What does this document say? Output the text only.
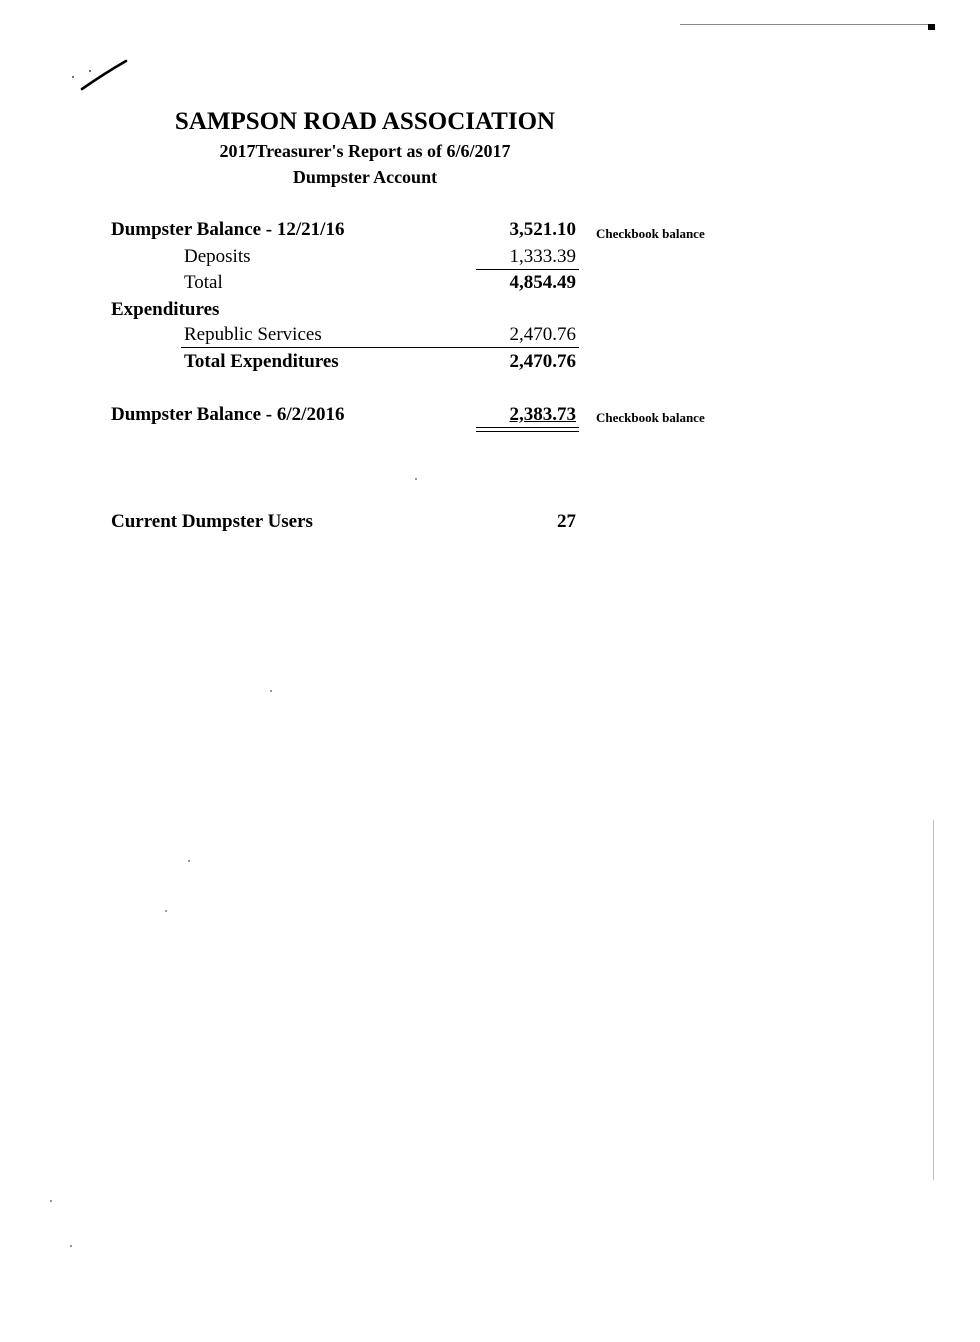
SAMPSON ROAD ASSOCIATION
2017Treasurer's Report as of 6/6/2017
Dumpster Account
Dumpster Balance - 12/21/16	3,521.10 Checkbook balance
Deposits	1,333.39
Total	4,854.49
Expenditures
Republic Services	2,470.76
Total Expenditures	2,470.76
Dumpster Balance - 6/2/2016	2,383.73 Checkbook balance
Current Dumpster Users	27
